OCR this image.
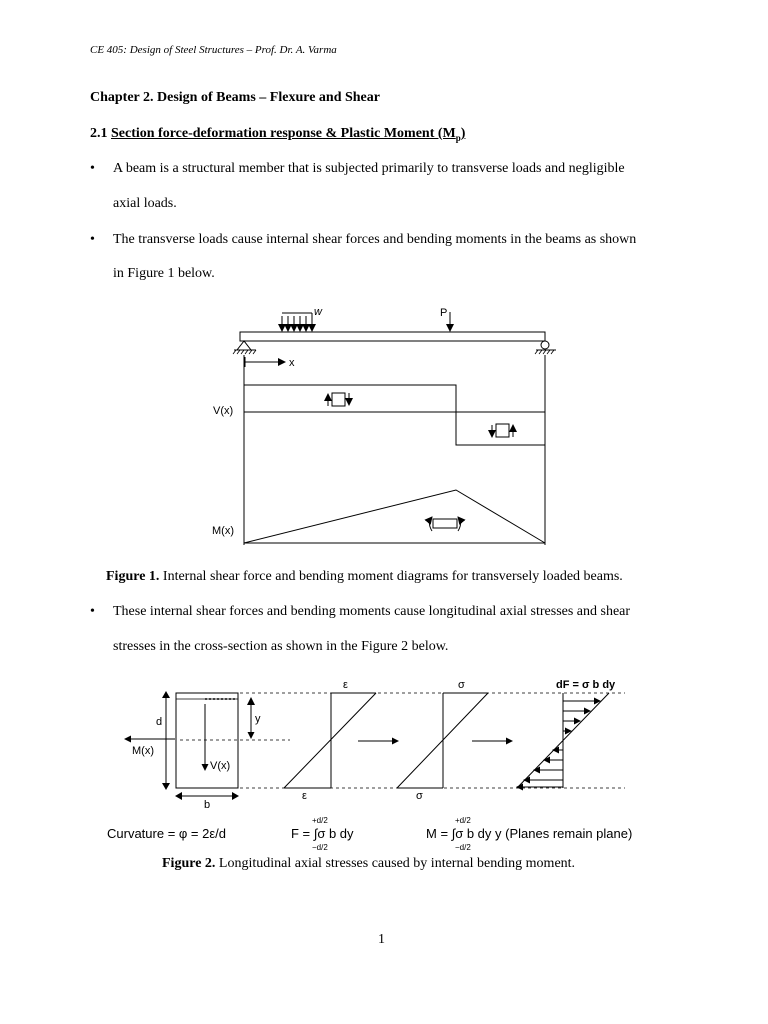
CE 405: Design of Steel Structures – Prof. Dr. A. Varma
Chapter 2. Design of Beams – Flexure and Shear
2.1 Section force-deformation response & Plastic Moment $(M_p)$
• A beam is a structural member that is subjected primarily to transverse loads and negligible
axial loads.
• The transverse loads cause internal shear forces and bending moments in the beams as shown
in Figure 1 below.
w	P
x
V(x)
M(x)
Figure 1. Internal shear force and bending moment diagrams for transversely loaded beams.
• These internal shear forces and bending moments cause longitudinal axial stresses and shear
stresses in the cross-section as shown in the Figure 2 below.
d	y
b
M(x)
V(x)
ε
ε
σ
σ
dF = σ b dy
Curvature = φ = 2ε/d	F = ∫σ b dy
+d/2
−d/2
M = ∫σ b dy y (Planes remain plane)
+d/2
−d/2
Figure 2. Longitudinal axial stresses caused by internal bending moment.
1
